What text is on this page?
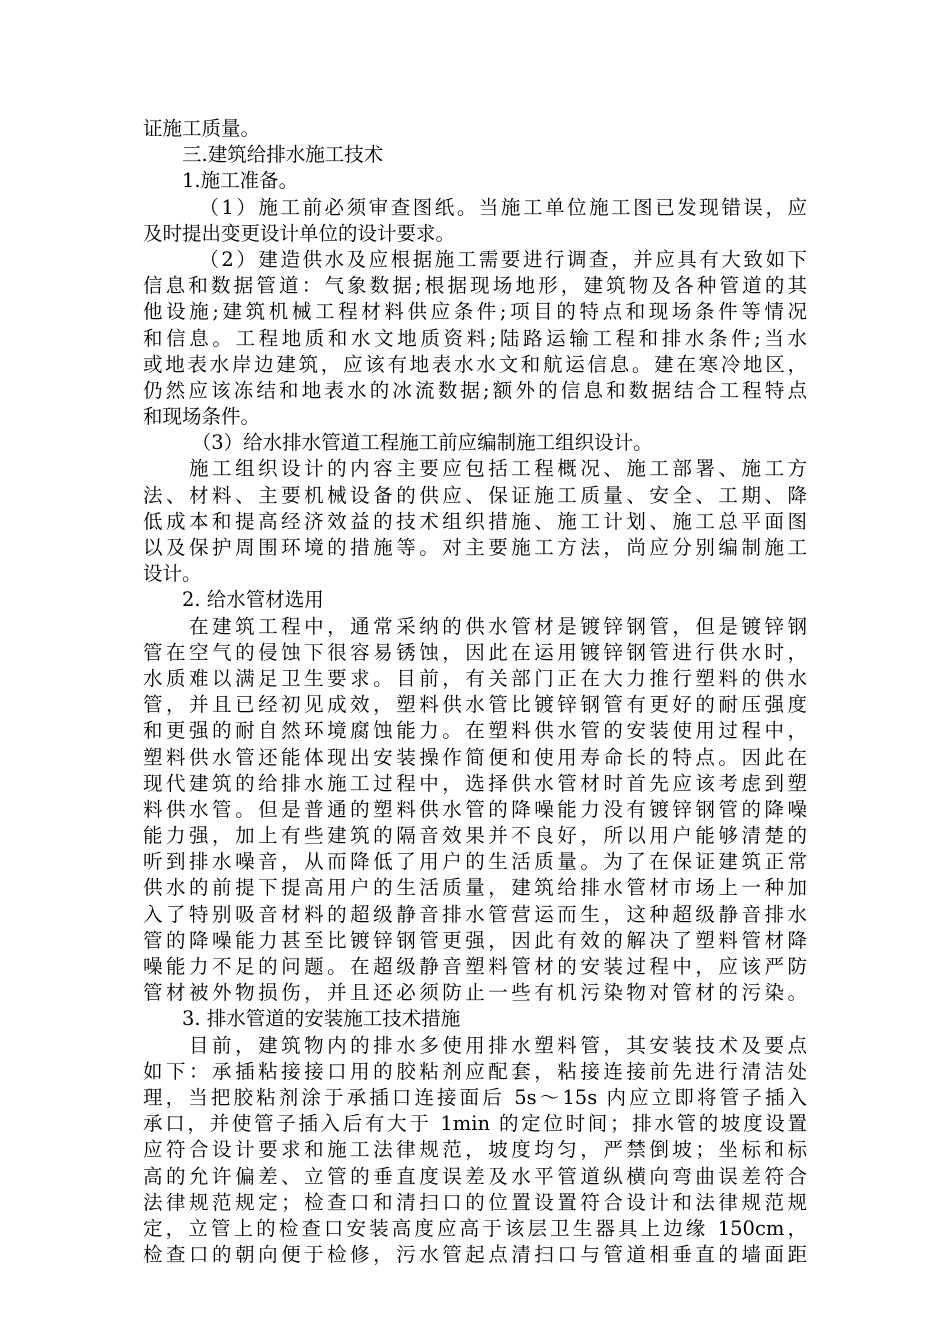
证施工质量。
　　三.建筑给排水施工技术
　　1.施工准备。
　　　（1）施工前必须审查图纸。当施工单位施工图已发现错误，应
及时提出变更设计单位的设计要求。
　　　（2）建造供水及应根据施工需要进行调查，并应具有大致如下
信息和数据管道：气象数据;根据现场地形，建筑物及各种管道的其
他设施;建筑机械工程材料供应条件;项目的特点和现场条件等情况
和信息。工程地质和水文地质资料;陆路运输工程和排水条件;当水
或地表水岸边建筑，应该有地表水水文和航运信息。建在寒冷地区，
仍然应该冻结和地表水的冰流数据;额外的信息和数据结合工程特点
和现场条件。
　　　（3）给水排水管道工程施工前应编制施工组织设计。
　　施工组织设计的内容主要应包括工程概况、施工部署、施工方
法、材料、主要机械设备的供应、保证施工质量、安全、工期、降
低成本和提高经济效益的技术组织措施、施工计划、施工总平面图
以及保护周围环境的措施等。对主要施工方法，尚应分别编制施工
设计。
　　2. 给水管材选用
　　在建筑工程中，通常采纳的供水管材是镀锌钢管，但是镀锌钢
管在空气的侵蚀下很容易锈蚀，因此在运用镀锌钢管进行供水时，
水质难以满足卫生要求。目前，有关部门正在大力推行塑料的供水
管，并且已经初见成效，塑料供水管比镀锌钢管有更好的耐压强度
和更强的耐自然环境腐蚀能力。在塑料供水管的安装使用过程中，
塑料供水管还能体现出安装操作简便和使用寿命长的特点。因此在
现代建筑的给排水施工过程中，选择供水管材时首先应该考虑到塑
料供水管。但是普通的塑料供水管的降噪能力没有镀锌钢管的降噪
能力强，加上有些建筑的隔音效果并不良好，所以用户能够清楚的
听到排水噪音，从而降低了用户的生活质量。为了在保证建筑正常
供水的前提下提高用户的生活质量，建筑给排水管材市场上一种加
入了特别吸音材料的超级静音排水管营运而生，这种超级静音排水
管的降噪能力甚至比镀锌钢管更强，因此有效的解决了塑料管材降
噪能力不足的问题。在超级静音塑料管材的安装过程中，应该严防
管材被外物损伤，并且还必须防止一些有机污染物对管材的污染。
　　3. 排水管道的安装施工技术措施
　　目前，建筑物内的排水多使用排水塑料管，其安装技术及要点
如下：承插粘接接口用的胶粘剂应配套，粘接连接前先进行清洁处
理，当把胶粘剂涂于承插口连接面后 5s～15s 内应立即将管子插入
承口，并使管子插入后有大于 1min 的定位时间；排水管的坡度设置
应符合设计要求和施工法律规范，坡度均匀，严禁倒坡；坐标和标
高的允许偏差、立管的垂直度误差及水平管道纵横向弯曲误差符合
法律规范规定；检查口和清扫口的位置设置符合设计和法律规范规
定，立管上的检查口安装高度应高于该层卫生器具上边缘 150cm，
检查口的朝向便于检修，污水管起点清扫口与管道相垂直的墙面距
